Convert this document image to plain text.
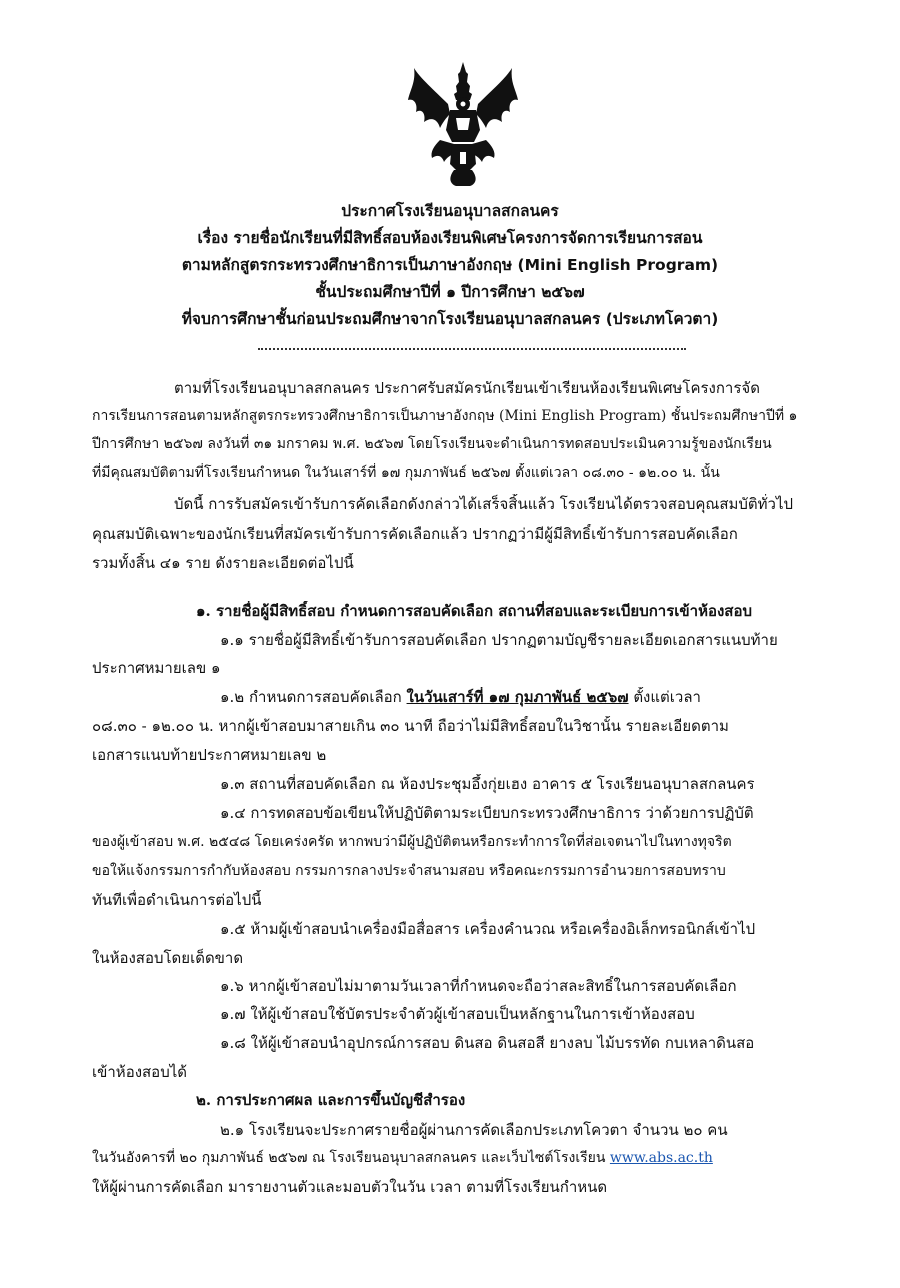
ประกาศโรงเรียนอนุบาลสกลนคร
เรื่อง รายชื่อนักเรียนที่มีสิทธิ์สอบห้องเรียนพิเศษโครงการจัดการเรียนการสอน
ตามหลักสูตรกระทรวงศึกษาธิการเป็นภาษาอังกฤษ (Mini English Program)
ชั้นประถมศึกษาปีที่ ๑ ปีการศึกษา ๒๕๖๗
ที่จบการศึกษาชั้นก่อนประถมศึกษาจากโรงเรียนอนุบาลสกลนคร (ประเภทโควตา)
ตามที่โรงเรียนอนุบาลสกลนคร ประกาศรับสมัครนักเรียนเข้าเรียนห้องเรียนพิเศษโครงการจัด
การเรียนการสอนตามหลักสูตรกระทรวงศึกษาธิการเป็นภาษาอังกฤษ (Mini English Program) ชั้นประถมศึกษาปีที่ ๑
ปีการศึกษา ๒๕๖๗ ลงวันที่ ๓๑ มกราคม พ.ศ. ๒๕๖๗ โดยโรงเรียนจะดำเนินการทดสอบประเมินความรู้ของนักเรียน
ที่มีคุณสมบัติตามที่โรงเรียนกำหนด ในวันเสาร์ที่ ๑๗ กุมภาพันธ์ ๒๕๖๗ ตั้งแต่เวลา ๐๘.๓๐ - ๑๒.๐๐ น. นั้น
บัดนี้ การรับสมัครเข้ารับการคัดเลือกดังกล่าวได้เสร็จสิ้นแล้ว โรงเรียนได้ตรวจสอบคุณสมบัติทั่วไป
คุณสมบัติเฉพาะของนักเรียนที่สมัครเข้ารับการคัดเลือกแล้ว ปรากฏว่ามีผู้มีสิทธิ์เข้ารับการสอบคัดเลือก
รวมทั้งสิ้น ๔๑ ราย ดังรายละเอียดต่อไปนี้
๑. รายชื่อผู้มีสิทธิ์สอบ กำหนดการสอบคัดเลือก สถานที่สอบและระเบียบการเข้าห้องสอบ
๑.๑ รายชื่อผู้มีสิทธิ์เข้ารับการสอบคัดเลือก ปรากฏตามบัญชีรายละเอียดเอกสารแนบท้าย
ประกาศหมายเลข ๑
๑.๒ กำหนดการสอบคัดเลือก ในวันเสาร์ที่ ๑๗ กุมภาพันธ์ ๒๕๖๗ ตั้งแต่เวลา
๐๘.๓๐ - ๑๒.๐๐ น. หากผู้เข้าสอบมาสายเกิน ๓๐ นาที ถือว่าไม่มีสิทธิ์สอบในวิชานั้น รายละเอียดตาม
เอกสารแนบท้ายประกาศหมายเลข ๒
๑.๓ สถานที่สอบคัดเลือก ณ ห้องประชุมอึ้งกุ่ยเฮง อาคาร ๕ โรงเรียนอนุบาลสกลนคร
๑.๔ การทดสอบข้อเขียนให้ปฏิบัติตามระเบียบกระทรวงศึกษาธิการ ว่าด้วยการปฏิบัติ
ของผู้เข้าสอบ พ.ศ. ๒๕๔๘ โดยเคร่งครัด หากพบว่ามีผู้ปฏิบัติตนหรือกระทำการใดที่ส่อเจตนาไปในทางทุจริต
ขอให้แจ้งกรรมการกำกับห้องสอบ กรรมการกลางประจำสนามสอบ หรือคณะกรรมการอำนวยการสอบทราบ
ทันทีเพื่อดำเนินการต่อไปนี้
๑.๕ ห้ามผู้เข้าสอบนำเครื่องมือสื่อสาร เครื่องคำนวณ หรือเครื่องอิเล็กทรอนิกส์เข้าไป
ในห้องสอบโดยเด็ดขาด
๑.๖ หากผู้เข้าสอบไม่มาตามวันเวลาที่กำหนดจะถือว่าสละสิทธิ์ในการสอบคัดเลือก
๑.๗ ให้ผู้เข้าสอบใช้บัตรประจำตัวผู้เข้าสอบเป็นหลักฐานในการเข้าห้องสอบ
๑.๘ ให้ผู้เข้าสอบนำอุปกรณ์การสอบ ดินสอ ดินสอสี ยางลบ ไม้บรรทัด กบเหลาดินสอ
เข้าห้องสอบได้
๒. การประกาศผล และการขึ้นบัญชีสำรอง
๒.๑ โรงเรียนจะประกาศรายชื่อผู้ผ่านการคัดเลือกประเภทโควตา จำนวน ๒๐ คน
ในวันอังคารที่ ๒๐ กุมภาพันธ์ ๒๕๖๗ ณ โรงเรียนอนุบาลสกลนคร และเว็บไซต์โรงเรียน www.abs.ac.th
ให้ผู้ผ่านการคัดเลือก มารายงานตัวและมอบตัวในวัน เวลา ตามที่โรงเรียนกำหนด
